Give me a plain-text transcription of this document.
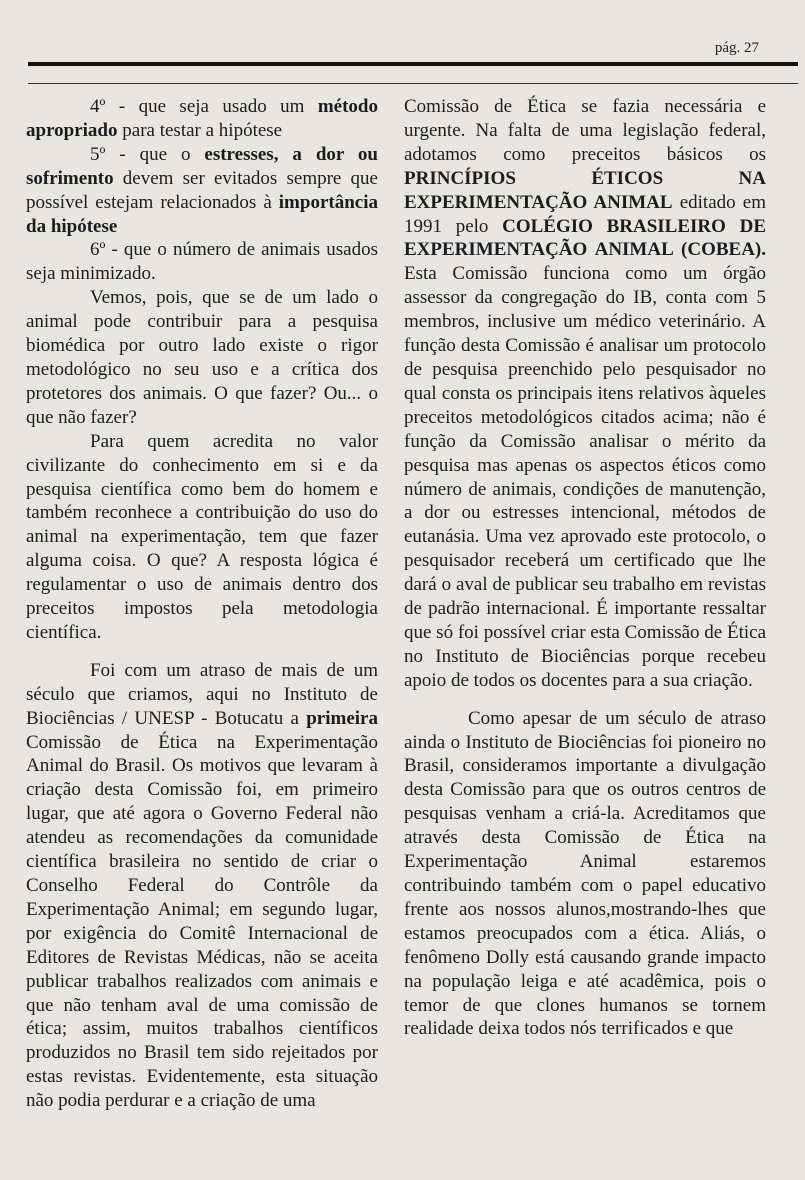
pág. 27

4º - que seja usado um método apropriado para testar a hipótese

5º - que o estresses, a dor ou sofrimento devem ser evitados sempre que possível estejam relacionados à importância da hipótese

6º - que o número de animais usados seja minimizado.

Vemos, pois, que se de um lado o animal pode contribuir para a pesquisa biomédica por outro lado existe o rigor metodológico no seu uso e a crítica dos protetores dos animais. O que fazer? Ou... o que não fazer?

Para quem acredita no valor civilizante do conhecimento em si e da pesquisa científica como bem do homem e também reconhece a contribuição do uso do animal na experimentação, tem que fazer alguma coisa. O que? A resposta lógica é regulamentar o uso de animais dentro dos preceitos impostos pela metodologia científica.

Foi com um atraso de mais de um século que criamos, aqui no Instituto de Biociências / UNESP - Botucatu a primeira Comissão de Ética na Experimentação Animal do Brasil. Os motivos que levaram à criação desta Comissão foi, em primeiro lugar, que até agora o Governo Federal não atendeu as recomendações da comunidade científica brasileira no sentido de criar o Conselho Federal do Contrôle da Experimentação Animal; em segundo lugar, por exigência do Comitê Internacional de Editores de Revistas Médicas, não se aceita publicar trabalhos realizados com animais e que não tenham aval de uma comissão de ética; assim, muitos trabalhos científicos produzidos no Brasil tem sido rejeitados por estas revistas. Evidentemente, esta situação não podia perdurar e a criação de uma

Comissão de Ética se fazia necessária e urgente. Na falta de uma legislação federal, adotamos como preceitos básicos os PRINCÍPIOS ÉTICOS NA EXPERIMENTAÇÃO ANIMAL editado em 1991 pelo COLÉGIO BRASILEIRO DE EXPERIMENTAÇÃO ANIMAL (COBEA). Esta Comissão funciona como um órgão assessor da congregação do IB, conta com 5 membros, inclusive um médico veterinário. A função desta Comissão é analisar um protocolo de pesquisa preenchido pelo pesquisador no qual consta os principais itens relativos àqueles preceitos metodológicos citados acima; não é função da Comissão analisar o mérito da pesquisa mas apenas os aspectos éticos como número de animais, condições de manutenção, a dor ou estresses intencional, métodos de eutanásia. Uma vez aprovado este protocolo, o pesquisador receberá um certificado que lhe dará o aval de publicar seu trabalho em revistas de padrão internacional. É importante ressaltar que só foi possível criar esta Comissão de Ética no Instituto de Biociências porque recebeu apoio de todos os docentes para a sua criação.

Como apesar de um século de atraso ainda o Instituto de Biociências foi pioneiro no Brasil, consideramos importante a divulgação desta Comissão para que os outros centros de pesquisas venham a criá-la. Acreditamos que através desta Comissão de Ética na Experimentação Animal estaremos contribuindo também com o papel educativo frente aos nossos alunos,mostrando-lhes que estamos preocupados com a ética. Aliás, o fenômeno Dolly está causando grande impacto na população leiga e até acadêmica, pois o temor de que clones humanos se tornem realidade deixa todos nós terrificados e que
